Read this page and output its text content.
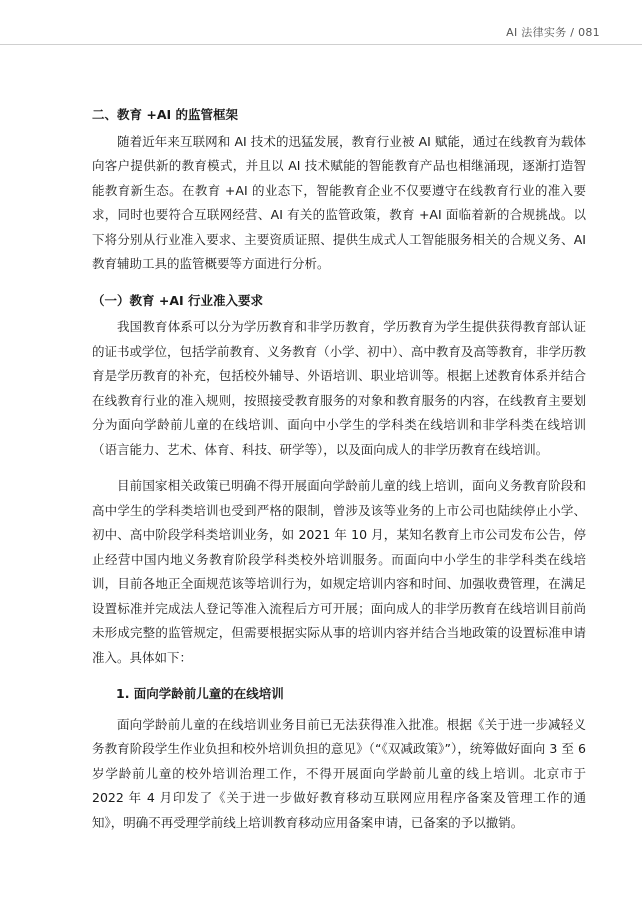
AI 法律实务 / 081
二、教育 +AI 的监管框架

随着近年来互联网和 AI 技术的迅猛发展，教育行业被 AI 赋能，通过在线教育为载体向客户提供新的教育模式，并且以 AI 技术赋能的智能教育产品也相继涌现，逐渐打造智能教育新生态。在教育 +AI 的业态下，智能教育企业不仅要遵守在线教育行业的准入要求，同时也要符合互联网经营、AI 有关的监管政策，教育 +AI 面临着新的合规挑战。以下将分别从行业准入要求、主要资质证照、提供生成式人工智能服务相关的合规义务、AI 教育辅助工具的监管概要等方面进行分析。

（一）教育 +AI 行业准入要求

我国教育体系可以分为学历教育和非学历教育，学历教育为学生提供获得教育部认证的证书或学位，包括学前教育、义务教育（小学、初中）、高中教育及高等教育，非学历教育是学历教育的补充，包括校外辅导、外语培训、职业培训等。根据上述教育体系并结合在线教育行业的准入规则，按照接受教育服务的对象和教育服务的内容，在线教育主要划分为面向学龄前儿童的在线培训、面向中小学生的学科类在线培训和非学科类在线培训（语言能力、艺术、体育、科技、研学等），以及面向成人的非学历教育在线培训。

目前国家相关政策已明确不得开展面向学龄前儿童的线上培训，面向义务教育阶段和高中学生的学科类培训也受到严格的限制，曾涉及该等业务的上市公司也陆续停止小学、初中、高中阶段学科类培训业务，如 2021 年 10 月，某知名教育上市公司发布公告，停止经营中国内地义务教育阶段学科类校外培训服务。而面向中小学生的非学科类在线培训，目前各地正全面规范该等培训行为，如规定培训内容和时间、加强收费管理，在满足设置标准并完成法人登记等准入流程后方可开展；面向成人的非学历教育在线培训目前尚未形成完整的监管规定，但需要根据实际从事的培训内容并结合当地政策的设置标准申请准入。具体如下：

1. 面向学龄前儿童的在线培训

面向学龄前儿童的在线培训业务目前已无法获得准入批准。根据《关于进一步减轻义务教育阶段学生作业负担和校外培训负担的意见》（“《双减政策》”），统筹做好面向 3 至 6 岁学龄前儿童的校外培训治理工作，不得开展面向学龄前儿童的线上培训。北京市于 2022 年 4 月印发了《关于进一步做好教育移动互联网应用程序备案及管理工作的通知》，明确不再受理学前线上培训教育移动应用备案申请，已备案的予以撤销。
